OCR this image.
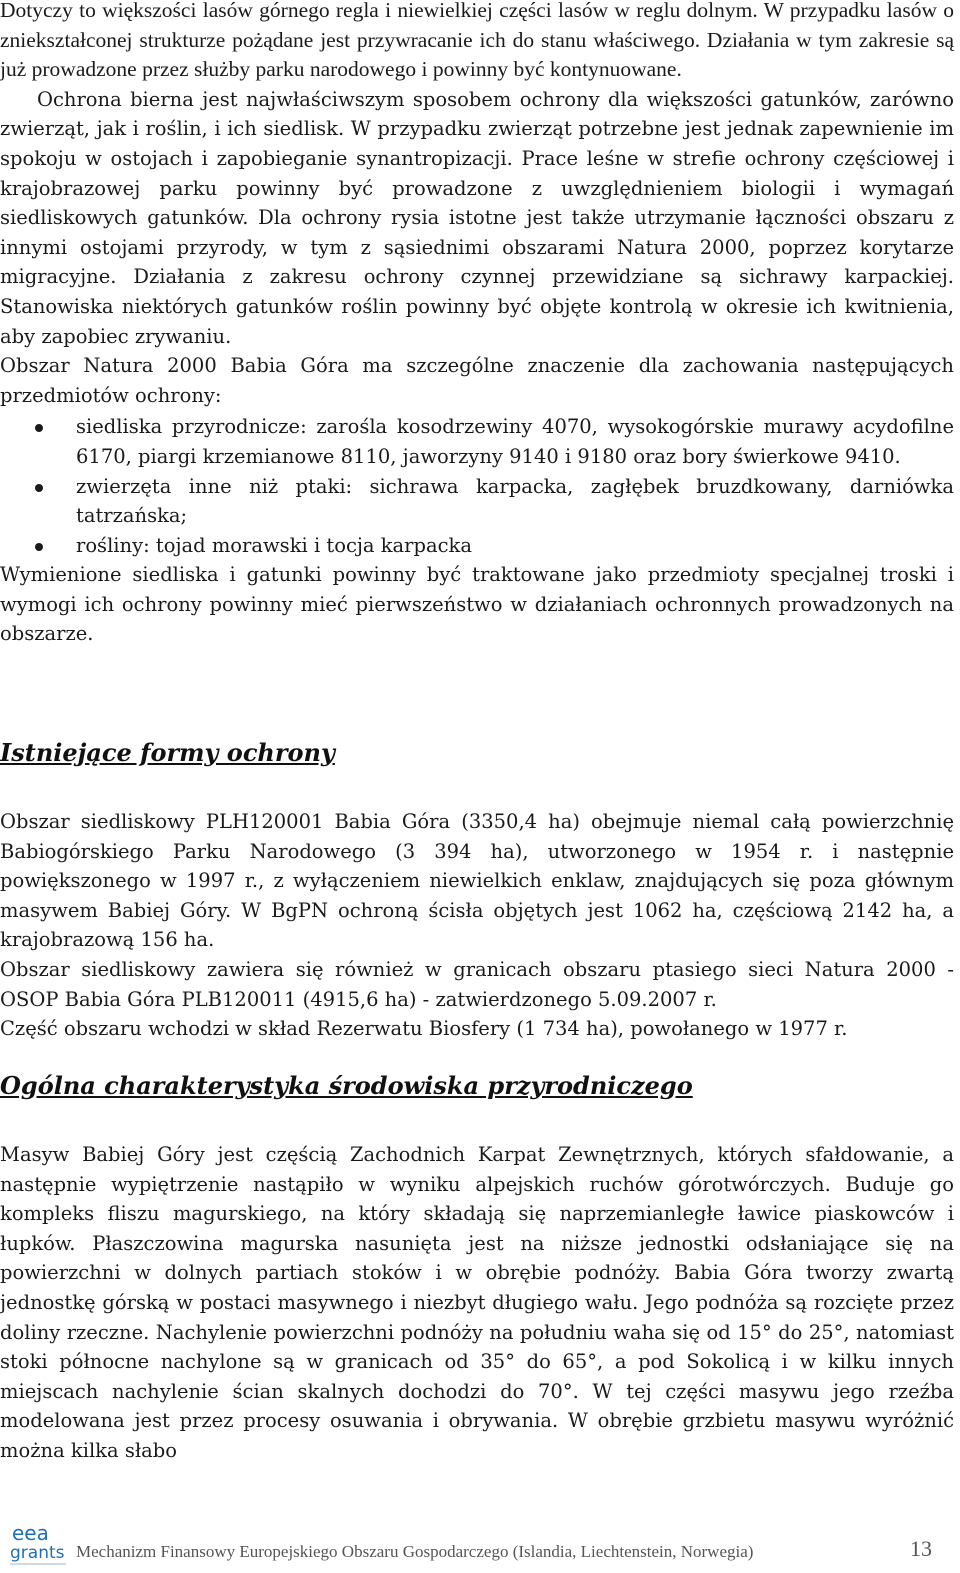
Dotyczy to większości lasów górnego regla i niewielkiej części lasów w reglu dolnym. W przypadku lasów o zniekształconej strukturze pożądane jest przywracanie ich do stanu właściwego. Działania w tym zakresie są już prowadzone przez służby parku narodowego i powinny być kontynuowane.

Ochrona bierna jest najwłaściwszym sposobem ochrony dla większości gatunków, zarówno zwierząt, jak i roślin, i ich siedlisk. W przypadku zwierząt potrzebne jest jednak zapewnienie im spokoju w ostojach i zapobieganie synantropizacji. Prace leśne w strefie ochrony częściowej i krajobrazowej parku powinny być prowadzone z uwzględnieniem biologii i wymagań siedliskowych gatunków. Dla ochrony rysia istotne jest także utrzymanie łączności obszaru z innymi ostojami przyrody, w tym z sąsiednimi obszarami Natura 2000, poprzez korytarze migracyjne. Działania z zakresu ochrony czynnej przewidziane są sichrawy karpackiej. Stanowiska niektórych gatunków roślin powinny być objęte kontrolą w okresie ich kwitnienia, aby zapobiec zrywaniu.

Obszar Natura 2000 Babia Góra ma szczególne znaczenie dla zachowania następujących przedmiotów ochrony:

siedliska przyrodnicze: zarośla kosodrzewiny 4070, wysokogórskie murawy acydofilne 6170, piargi krzemianowe 8110, jaworzyny 9140 i 9180 oraz bory świerkowe 9410.
zwierzęta inne niż ptaki: sichrawa karpacka, zagłębek bruzdkowany, darniówka tatrzańska;
rośliny: tojad morawski i tocja karpacka

Wymienione siedliska i gatunki powinny być traktowane jako przedmioty specjalnej troski i wymogi ich ochrony powinny mieć pierwszeństwo w działaniach ochronnych prowadzonych na obszarze.

Istniejące formy ochrony

Obszar siedliskowy PLH120001 Babia Góra (3350,4 ha) obejmuje niemal całą powierzchnię Babiogórskiego Parku Narodowego (3 394 ha), utworzonego w 1954 r. i następnie powiększonego w 1997 r., z wyłączeniem niewielkich enklaw, znajdujących się poza głównym masywem Babiej Góry. W BgPN ochroną ścisła objętych jest 1062 ha, częściową 2142 ha, a krajobrazową 156 ha.

Obszar siedliskowy zawiera się również w granicach obszaru ptasiego sieci Natura 2000 - OSOP Babia Góra PLB120011 (4915,6 ha) - zatwierdzonego 5.09.2007 r.

Część obszaru wchodzi w skład Rezerwatu Biosfery (1 734 ha), powołanego w 1977 r.

Ogólna charakterystyka środowiska przyrodniczego

Masyw Babiej Góry jest częścią Zachodnich Karpat Zewnętrznych, których sfałdowanie, a następnie wypiętrzenie nastąpiło w wyniku alpejskich ruchów górotwórczych. Buduje go kompleks fliszu magurskiego, na który składają się naprzemianległe ławice piaskowców i łupków. Płaszczowina magurska nasunięta jest na niższe jednostki odsłaniające się na powierzchni w dolnych partiach stoków i w obrębie podnóży. Babia Góra tworzy zwartą jednostkę górską w postaci masywnego i niezbyt długiego wału. Jego podnóża są rozcięte przez doliny rzeczne. Nachylenie powierzchni podnóży na południu waha się od 15° do 25°, natomiast stoki północne nachylone są w granicach od 35° do 65°, a pod Sokolicą i w kilku innych miejscach nachylenie ścian skalnych dochodzi do 70°. W tej części masywu jego rzeźba modelowana jest przez procesy osuwania i obrywania. W obrębie grzbietu masywu wyróżnić można kilka słabo

eea
grants Mechanizm Finansowy Europejskiego Obszaru Gospodarczego (Islandia, Liechtenstein, Norwegia)	13
